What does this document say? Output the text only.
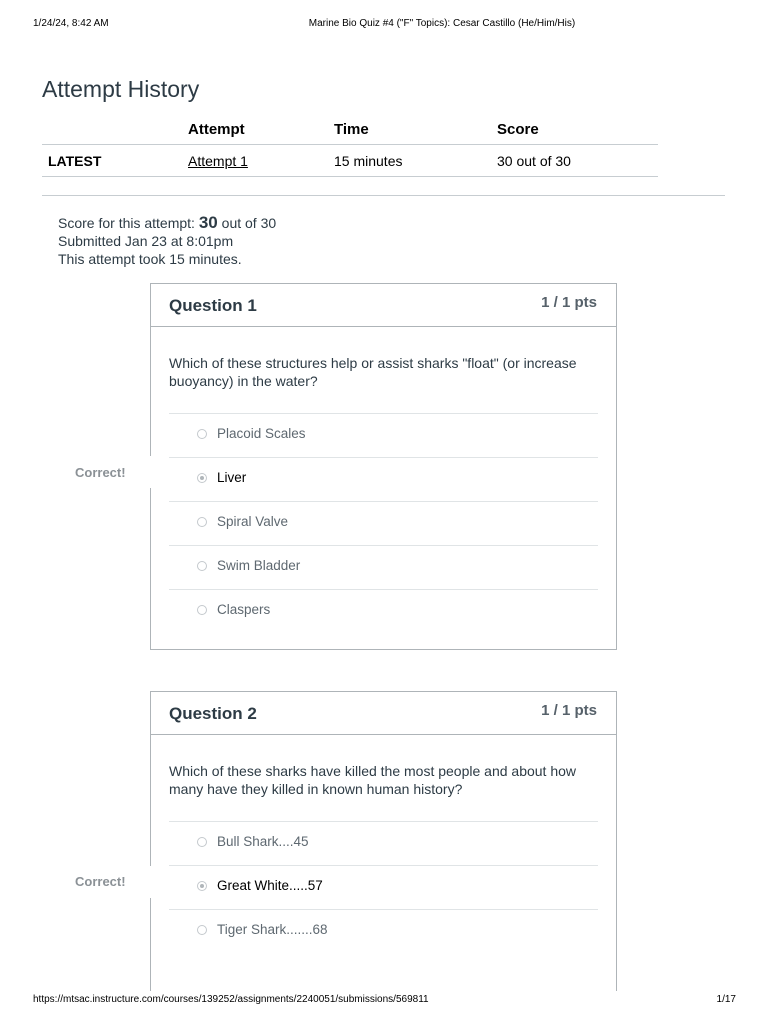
1/24/24, 8:42 AM	Marine Bio Quiz #4 ("F" Topics): Cesar Castillo (He/Him/His)
Attempt History
	Attempt	Time	Score
LATEST	Attempt 1	15 minutes	30 out of 30
Score for this attempt: 30 out of 30
Submitted Jan 23 at 8:01pm
This attempt took 15 minutes.
Correct!
Question 1	1 / 1 pts
Which of these structures help or assist sharks "float" (or increase buoyancy) in the water?
Placoid Scales
Liver
Spiral Valve
Swim Bladder
Claspers
Correct!
Question 2	1 / 1 pts
Which of these sharks have killed the most people and about how many have they killed in known human history?
Bull Shark....45
Great White.....57
Tiger Shark.......68
https://mtsac.instructure.com/courses/139252/assignments/2240051/submissions/569811	1/17
